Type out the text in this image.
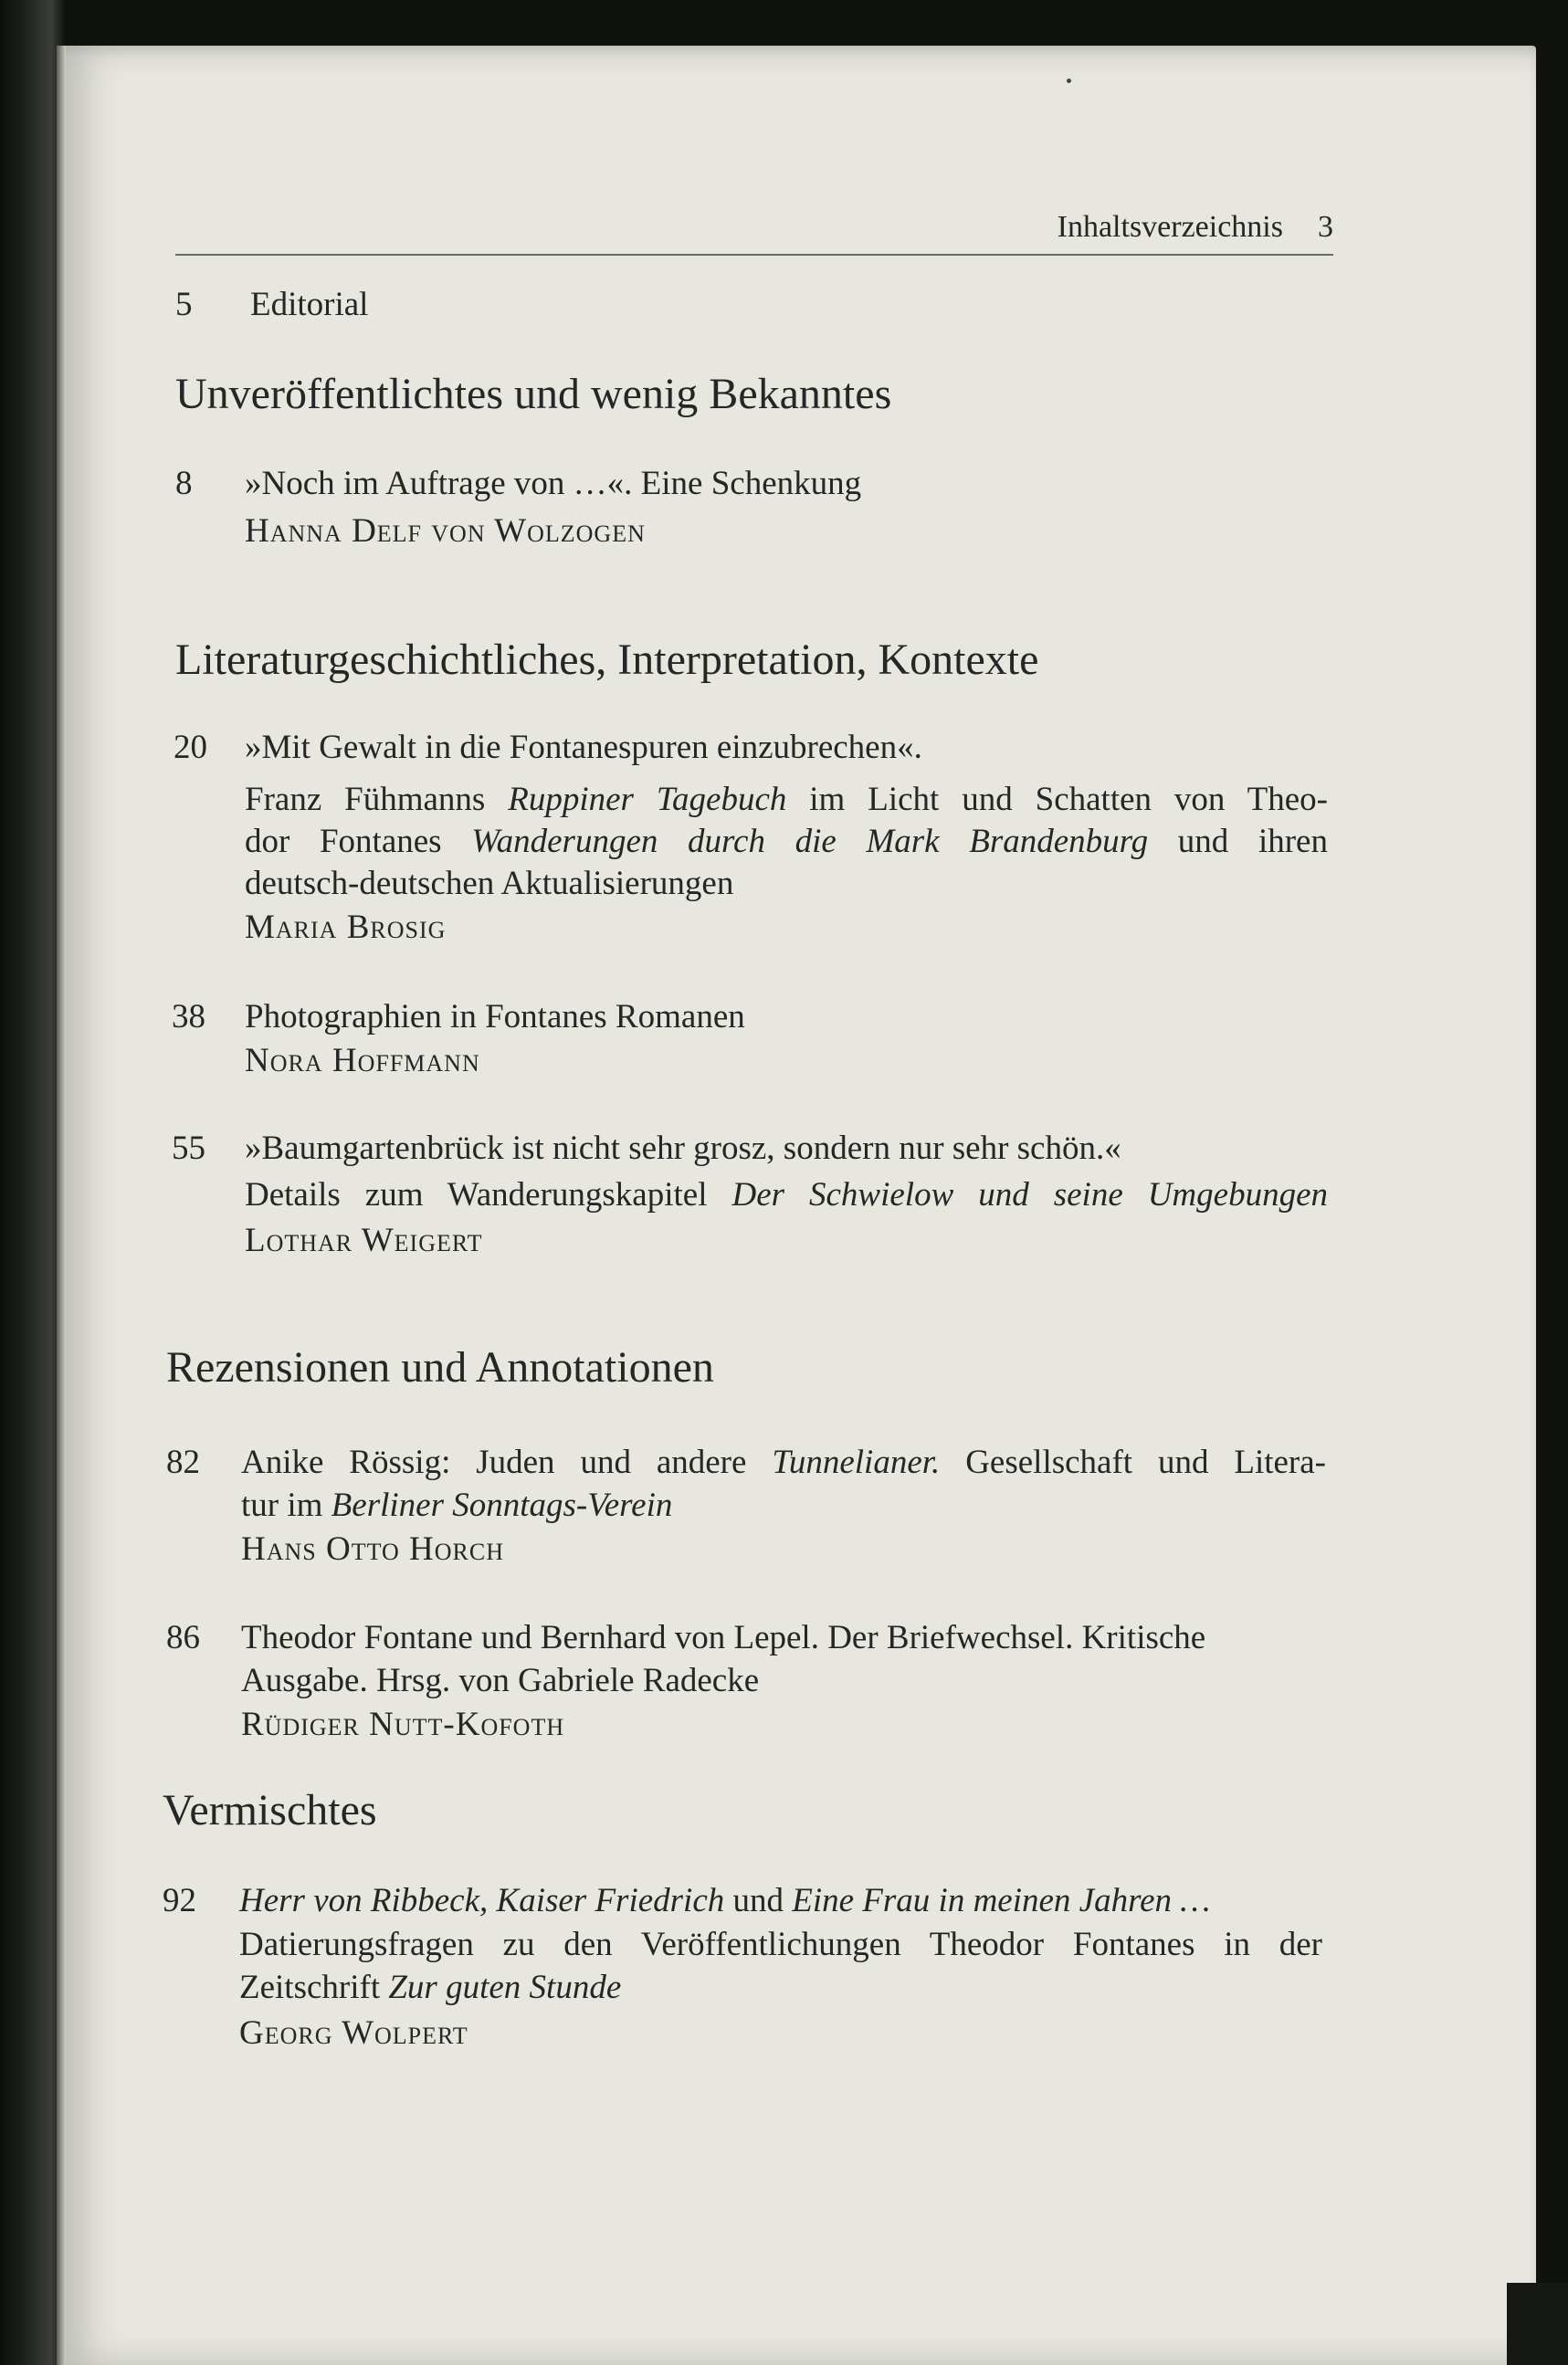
Inhaltsverzeichnis 3
5 Editorial
Unveröffentlichtes und wenig Bekanntes
8 »Noch im Auftrage von …«. Eine Schenkung
Hanna Delf von Wolzogen
Literaturgeschichtliches, Interpretation, Kontexte
20 »Mit Gewalt in die Fontanespuren einzubrechen«.
Franz Fühmanns Ruppiner Tagebuch im Licht und Schatten von Theo-
dor Fontanes Wanderungen durch die Mark Brandenburg und ihren
deutsch-deutschen Aktualisierungen
Maria Brosig
38 Photographien in Fontanes Romanen
Nora Hoffmann
55 »Baumgartenbrück ist nicht sehr grosz, sondern nur sehr schön.«
Details zum Wanderungskapitel Der Schwielow und seine Umgebungen
Lothar Weigert
Rezensionen und Annotationen
82 Anike Rössig: Juden und andere Tunnelianer. Gesellschaft und Litera-
tur im Berliner Sonntags-Verein
Hans Otto Horch
86 Theodor Fontane und Bernhard von Lepel. Der Briefwechsel. Kritische
Ausgabe. Hrsg. von Gabriele Radecke
Rüdiger Nutt-Kofoth
Vermischtes
92 Herr von Ribbeck, Kaiser Friedrich und Eine Frau in meinen Jahren …
Datierungsfragen zu den Veröffentlichungen Theodor Fontanes in der
Zeitschrift Zur guten Stunde
Georg Wolpert
